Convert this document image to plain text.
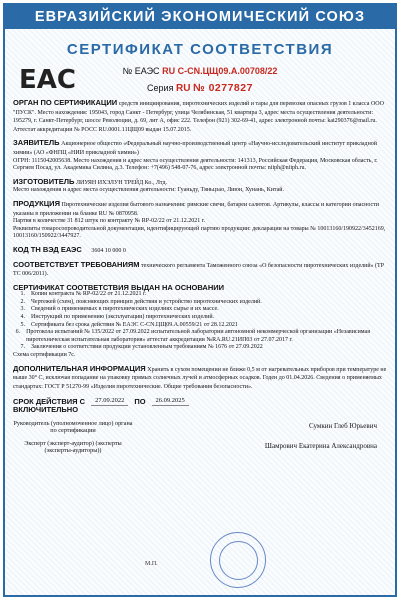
ЕВРАЗИЙСКИЙ ЭКОНОМИЧЕСКИЙ СОЮЗ
EAC
СЕРТИФИКАТ СООТВЕТСТВИЯ
№ ЕАЭС RU C-CN.ЦЩ09.А.00708/22
Серия RU № 0277827
ОРГАН ПО СЕРТИФИКАЦИИ средств инициирования, пиротехнических изделий и тары для перевозки опасных грузов 1 класса ООО "ПУСК". Место нахождения: 195043, город Санкт - Петербург, улица Челябинская, 51 квартира 3, адрес места осуществления деятельности: 195279, г. Санкт-Петербург, шоссе Революции, д. 69, лит А, офис 222. Телефон (921) 302-69-41, адрес электронной почты: kat290376@mail.ru. Аттестат аккредитации № РОСС RU.0001.11ЦЩ09 выдан 15.07.2015.
ЗАЯВИТЕЛЬ Акционерное общество «Федеральный научно-производственный центр «Научно-исследовательский институт прикладной химии» (АО «ФНПЦ «НИИ прикладной химии»)
ОГРН: 1115042005638. Место нахождения и адрес места осуществления деятельности: 141313, Российская Федерация, Московская область, г. Сергиев Посад, ул. Академика Силина, д.3. Телефон: +7(496) 548-07-76, адрес электронной почты: niiph@niiph.ru.
ИЗГОТОВИТЕЛЬ ЛИУЯН ИХЭЛУН ТРЕЙД Ко., Лтд.
Место нахождения и адрес места осуществления деятельности: Гуаньду, Тяньцзао, Лиюн, Хунань, Китай.
ПРОДУКЦИЯ Пиротехнические изделия бытового назначения: римские свечи, батареи салютов. Артикулы, классы и категории опасности указаны в приложении на бланке RU № 0870958.
Партия в количестве 31 812 штук по контракту № RP-02/22 от 21.12.2021 г.
Реквизиты товаросопроводительной документации, идентифицирующей партию продукции: декларации на товары № 10013160/190922/3452169, 10013160/150922/3447927.
КОД ТН ВЭД ЕАЭС 3604 10 000 0
СООТВЕТСТВУЕТ ТРЕБОВАНИЯМ технического регламента Таможенного союза «О безопасности пиротехнических изделий» (ТР ТС 006/2011).
СЕРТИФИКАТ СООТВЕТСТВИЯ ВЫДАН НА ОСНОВАНИИ
1. Копии контракта № RP-02/22 от 21.12.2021 г.
2. Чертежей (схем), поясняющих принцип действия и устройство пиротехнических изделий.
3. Сведений о применяемых в пиротехнических изделиях сырье и их массе.
4. Инструкций по применению (эксплуатации) пиротехнических изделий.
5. Сертификата без срока действия № ЕАЭС С-CN.ЦЩ09.А.00559/21 от 28.12.2021
6. Протокола испытаний № 135/2022 от 27.09.2022 испытательной лаборатории автономной некоммерческой организации «Независимая пиротехническая испытательная лаборатория» аттестат аккредитации №RA.RU.21ИП03 от 27.07.2017 г.
7. Заключения о соответствии продукции установленным требованиям № 1676 от 27.09.2022
Схема сертификации 7с.
ДОПОЛНИТЕЛЬНАЯ ИНФОРМАЦИЯ Хранить в сухом помещении не ближе 0,5 м от нагревательных приборов при температуре не выше 30° С, исключая попадание на упаковку прямых солнечных лучей и атмосферных осадков. Годен до 01.04.2026. Сведения о применяемых стандартах: ГОСТ Р 51270-99 «Изделия пиротехнические. Общие требования безопасности».
СРОК ДЕЙСТВИЯ С	27.09.2022	ПО	26.09.2025
ВКЛЮЧИТЕЛЬНО
Руководитель (уполномоченное лицо) органа по сертификации
Сумкин Глеб Юрьевич
Эксперт (эксперт-аудитор) (эксперты (эксперты-аудиторы))
Шамрович Екатерина Александровна
М.П.
